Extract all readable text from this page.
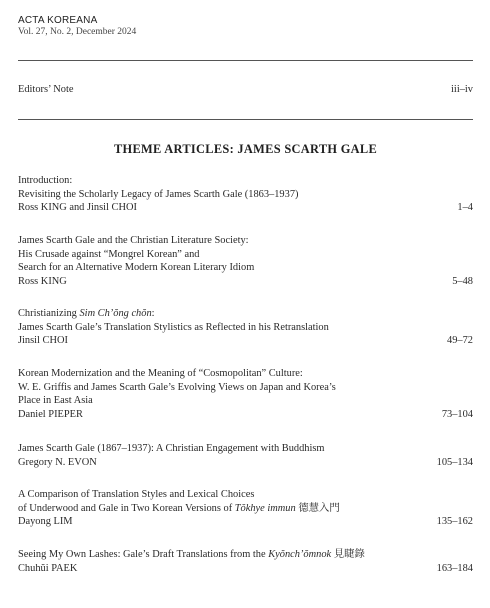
ACTA KOREANA
Vol. 27, No. 2, December 2024
Editors’ Note	iii–iv
THEME ARTICLES: JAMES SCARTH GALE
Introduction:
Revisiting the Scholarly Legacy of James Scarth Gale (1863–1937)
Ross KING and Jinsil CHOI	1–4
James Scarth Gale and the Christian Literature Society:
His Crusade against “Mongrel Korean” and
Search for an Alternative Modern Korean Literary Idiom
Ross KING	5–48
Christianizing Sim Ch’ŏng chŏn:
James Scarth Gale’s Translation Stylistics as Reflected in his Retranslation
Jinsil CHOI	49–72
Korean Modernization and the Meaning of “Cosmopolitan” Culture:
W. E. Griffis and James Scarth Gale’s Evolving Views on Japan and Korea’s
Place in East Asia
Daniel PIEPER	73–104
James Scarth Gale (1867–1937): A Christian Engagement with Buddhism
Gregory N. EVON	105–134
A Comparison of Translation Styles and Lexical Choices
of Underwood and Gale in Two Korean Versions of Tŏkhye immun 德慧入門
Dayong LIM	135–162
Seeing My Own Lashes: Gale’s Draft Translations from the Kyŏnch’ŏmnok 見睫錄
Chuhŭi PAEK	163–184
